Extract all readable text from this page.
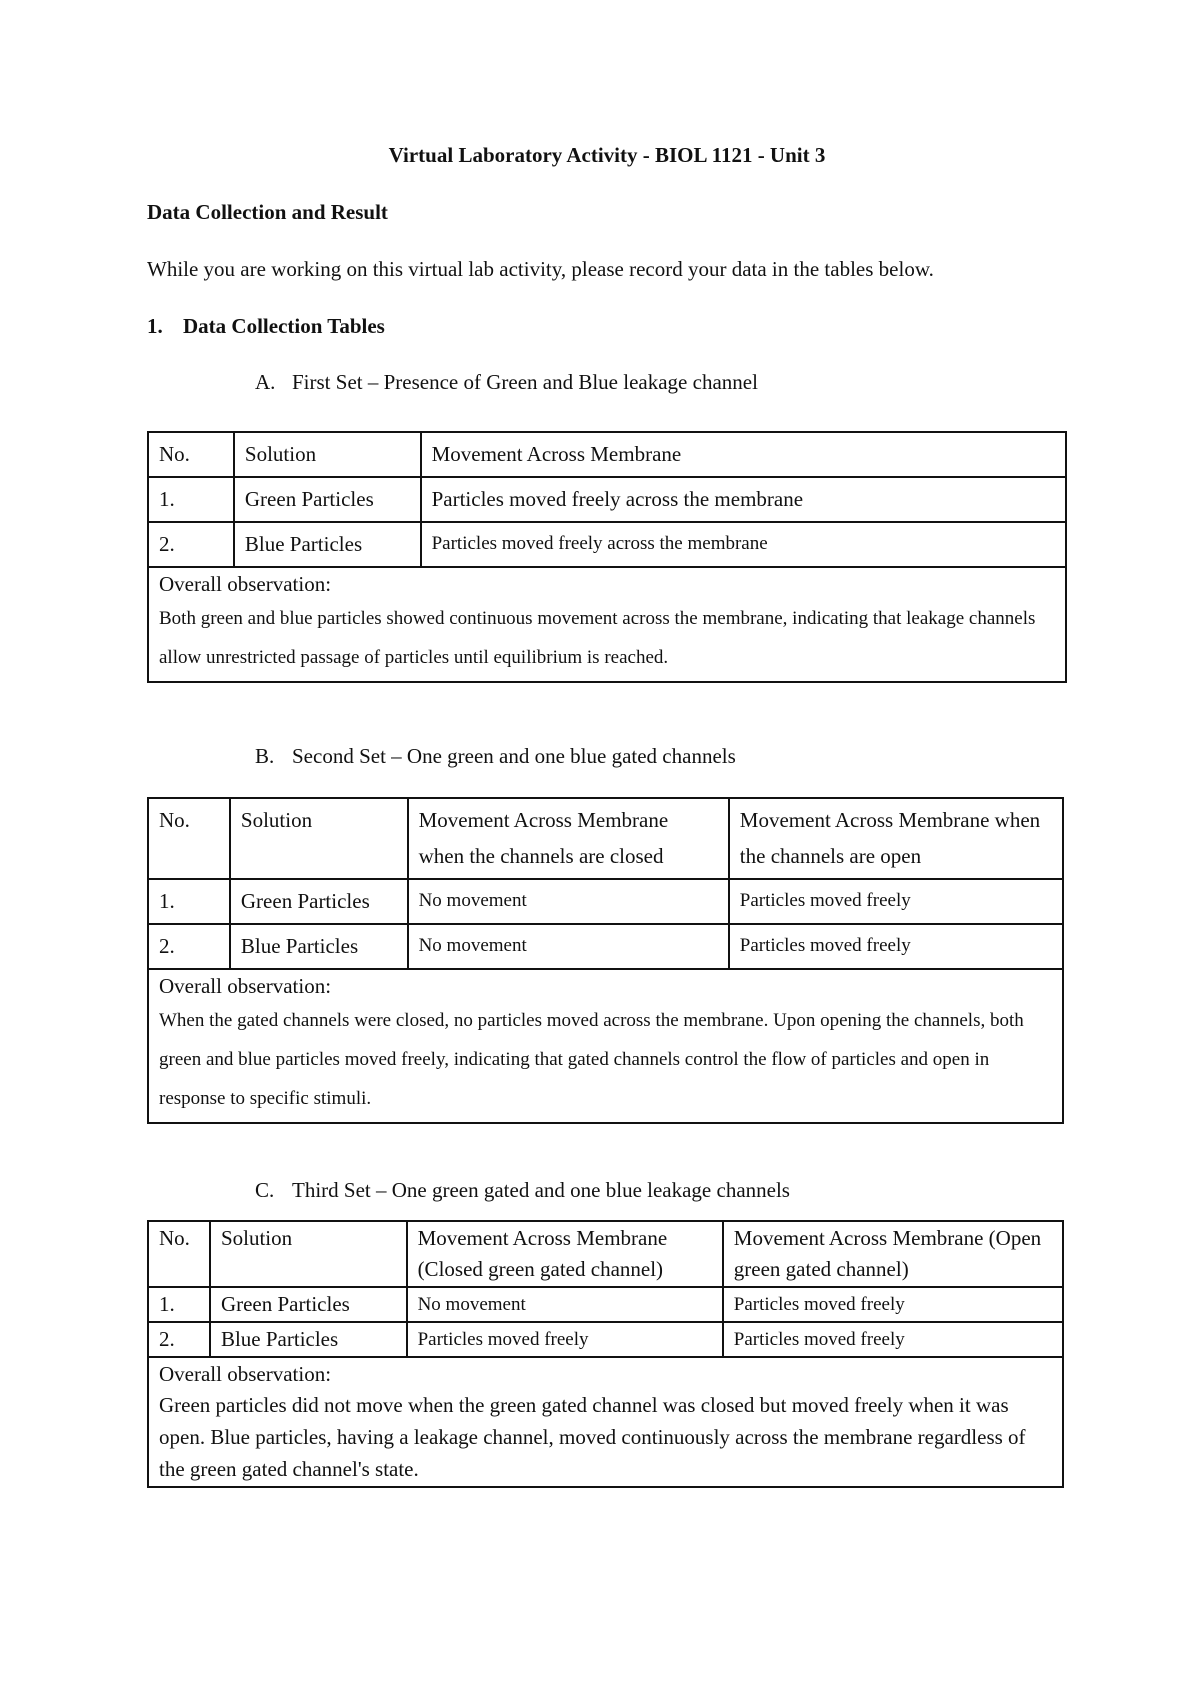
Virtual Laboratory Activity - BIOL 1121 - Unit 3
Data Collection and Result
While you are working on this virtual lab activity, please record your data in the tables below.
1. Data Collection Tables
A. First Set – Presence of Green and Blue leakage channel
No.	Solution	Movement Across Membrane
1.	Green Particles	Particles moved freely across the membrane
2.	Blue Particles	Particles moved freely across the membrane

Overall observation:
Both green and blue particles showed continuous movement across the membrane, indicating that leakage channels allow unrestricted passage of particles until equilibrium is reached.		
B. Second Set – One green and one blue gated channels
No.	Solution	Movement Across Membrane when the channels are closed	Movement Across Membrane when the channels are open
1.	Green Particles	No movement	Particles moved freely
2.	Blue Particles	No movement	Particles moved freely

Overall observation:
When the gated channels were closed, no particles moved across the membrane. Upon opening the channels, both green and blue particles moved freely, indicating that gated channels control the flow of particles and open in response to specific stimuli.			
C. Third Set – One green gated and one blue leakage channels
No.	Solution	Movement Across Membrane (Closed green gated channel)	Movement Across Membrane (Open green gated channel)
1.	Green Particles	No movement	Particles moved freely
2.	Blue Particles	Particles moved freely	Particles moved freely

Overall observation:
Green particles did not move when the green gated channel was closed but moved freely when it was open. Blue particles, having a leakage channel, moved continuously across the membrane regardless of the green gated channel's state.			
